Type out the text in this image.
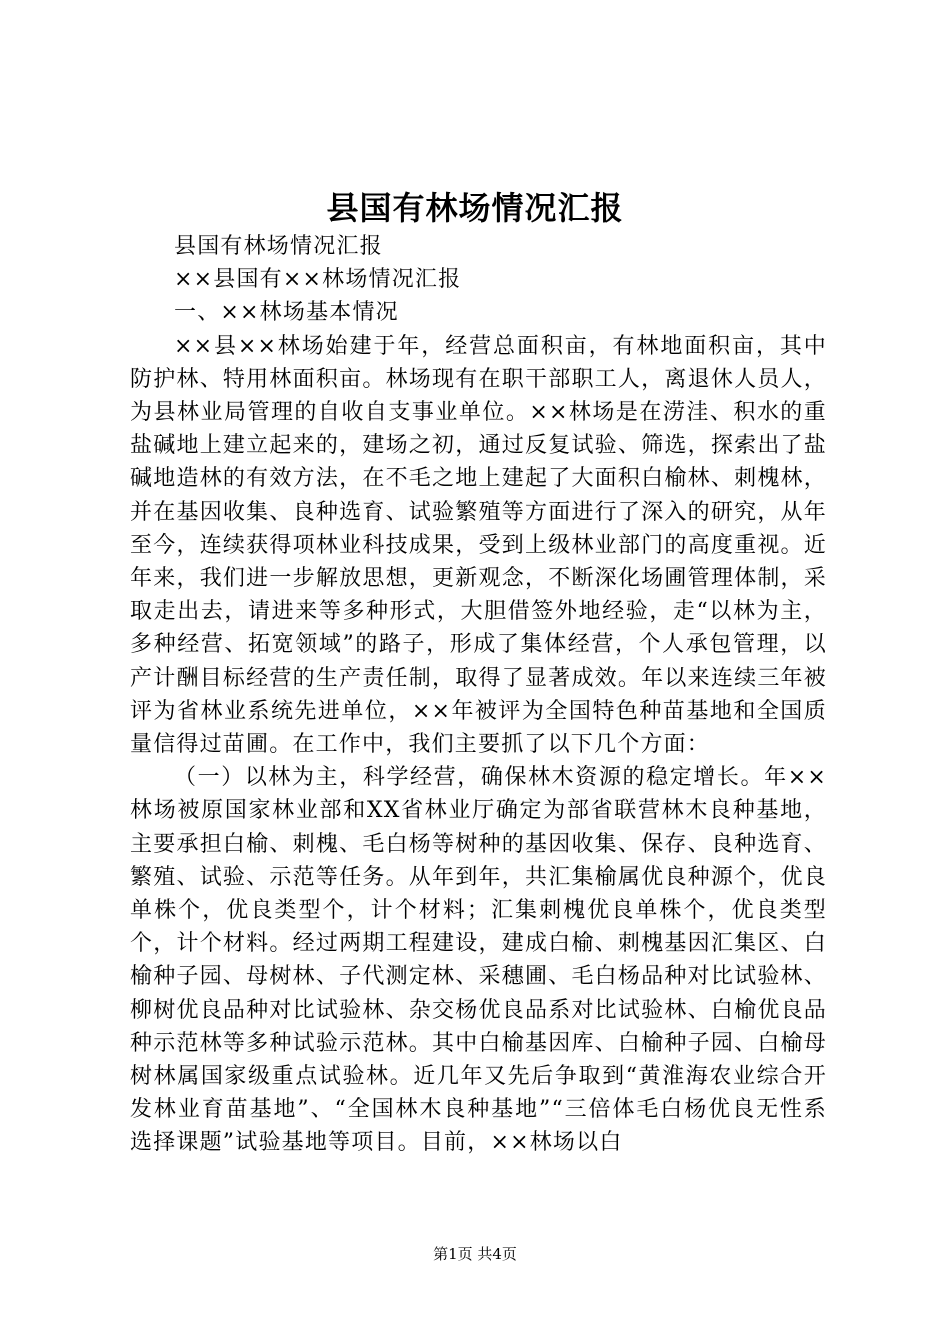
县国有林场情况汇报

县国有林场情况汇报

××县国有××林场情况汇报

一、××林场基本情况

××县××林场始建于年，经营总面积亩，有林地面积亩，其中防护林、特用林面积亩。林场现有在职干部职工人，离退休人员人，为县林业局管理的自收自支事业单位。××林场是在涝洼、积水的重盐碱地上建立起来的，建场之初，通过反复试验、筛选，探索出了盐碱地造林的有效方法，在不毛之地上建起了大面积白榆林、刺槐林，并在基因收集、良种选育、试验繁殖等方面进行了深入的研究，从年至今，连续获得项林业科技成果，受到上级林业部门的高度重视。近年来，我们进一步解放思想，更新观念，不断深化场圃管理体制，采取走出去，请进来等多种形式，大胆借签外地经验，走“以林为主，多种经营、拓宽领域”的路子，形成了集体经营，个人承包管理，以产计酬目标经营的生产责任制，取得了显著成效。年以来连续三年被评为省林业系统先进单位，××年被评为全国特色种苗基地和全国质量信得过苗圃。在工作中，我们主要抓了以下几个方面：

（一）以林为主，科学经营，确保林木资源的稳定增长。年××林场被原国家林业部和XX省林业厅确定为部省联营林木良种基地，主要承担白榆、刺槐、毛白杨等树种的基因收集、保存、良种选育、繁殖、试验、示范等任务。从年到年，共汇集榆属优良种源个，优良单株个，优良类型个，计个材料；汇集刺槐优良单株个，优良类型个，计个材料。经过两期工程建设，建成白榆、刺槐基因汇集区、白榆种子园、母树林、子代测定林、采穗圃、毛白杨品种对比试验林、柳树优良品种对比试验林、杂交杨优良品系对比试验林、白榆优良品种示范林等多种试验示范林。其中白榆基因库、白榆种子园、白榆母树林属国家级重点试验林。近几年又先后争取到“黄淮海农业综合开发林业育苗基地”、“全国林木良种基地”“三倍体毛白杨优良无性系选择课题”试验基地等项目。目前，××林场以白

第1页 共4页
